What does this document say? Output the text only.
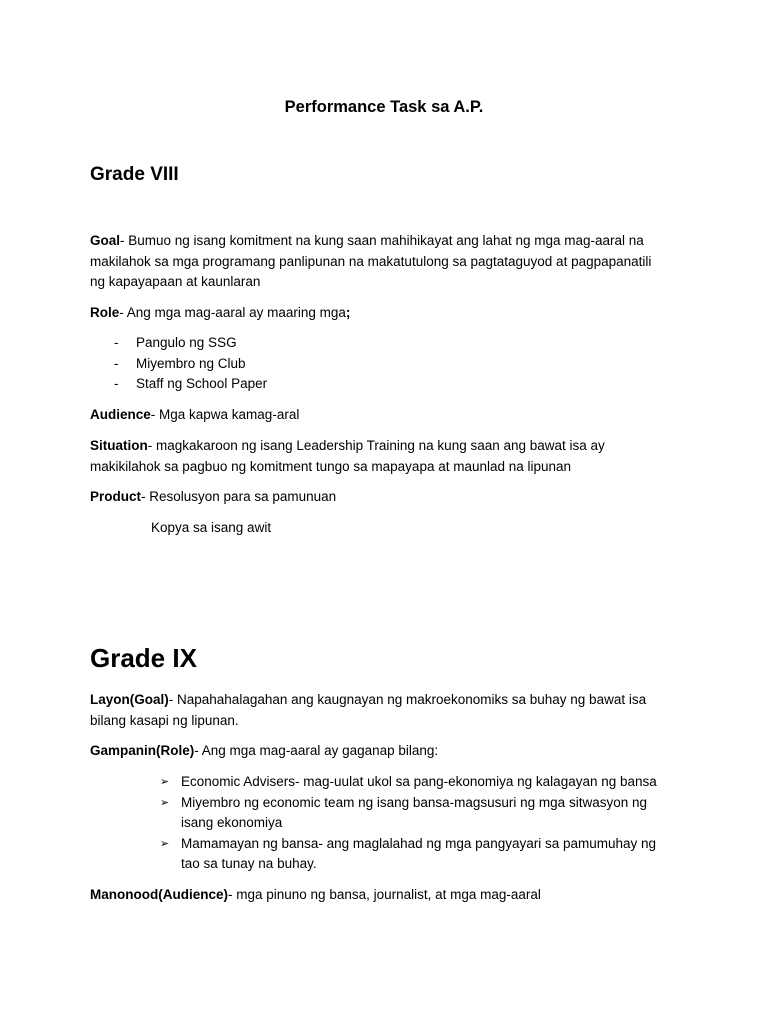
Performance Task sa A.P.
Grade VIII
Goal- Bumuo ng isang komitment na kung saan mahihikayat ang lahat ng mga mag-aaral na
makilahok sa mga programang panlipunan na makatutulong sa pagtataguyod at pagpapanatili
ng kapayapaan at kaunlaran
Role- Ang mga mag-aaral ay maaring mga;
- Pangulo ng SSG
- Miyembro ng Club
- Staff ng School Paper
Audience- Mga kapwa kamag-aral
Situation- magkakaroon ng isang Leadership Training na kung saan ang bawat isa ay
makikilahok sa pagbuo ng komitment tungo sa mapayapa at maunlad na lipunan
Product- Resolusyon para sa pamunuan
Kopya sa isang awit
Grade IX
Layon(Goal)- Napahahalagahan ang kaugnayan ng makroekonomiks sa buhay ng bawat isa
bilang kasapi ng lipunan.
Gampanin(Role)- Ang mga mag-aaral ay gaganap bilang:
➢ Economic Advisers- mag-uulat ukol sa pang-ekonomiya ng kalagayan ng bansa
➢ Miyembro ng economic team ng isang bansa-magsusuri ng mga sitwasyon ng
isang ekonomiya
➢ Mamamayan ng bansa- ang maglalahad ng mga pangyayari sa pamumuhay ng
tao sa tunay na buhay.
Manonood(Audience)- mga pinuno ng bansa, journalist, at mga mag-aaral
